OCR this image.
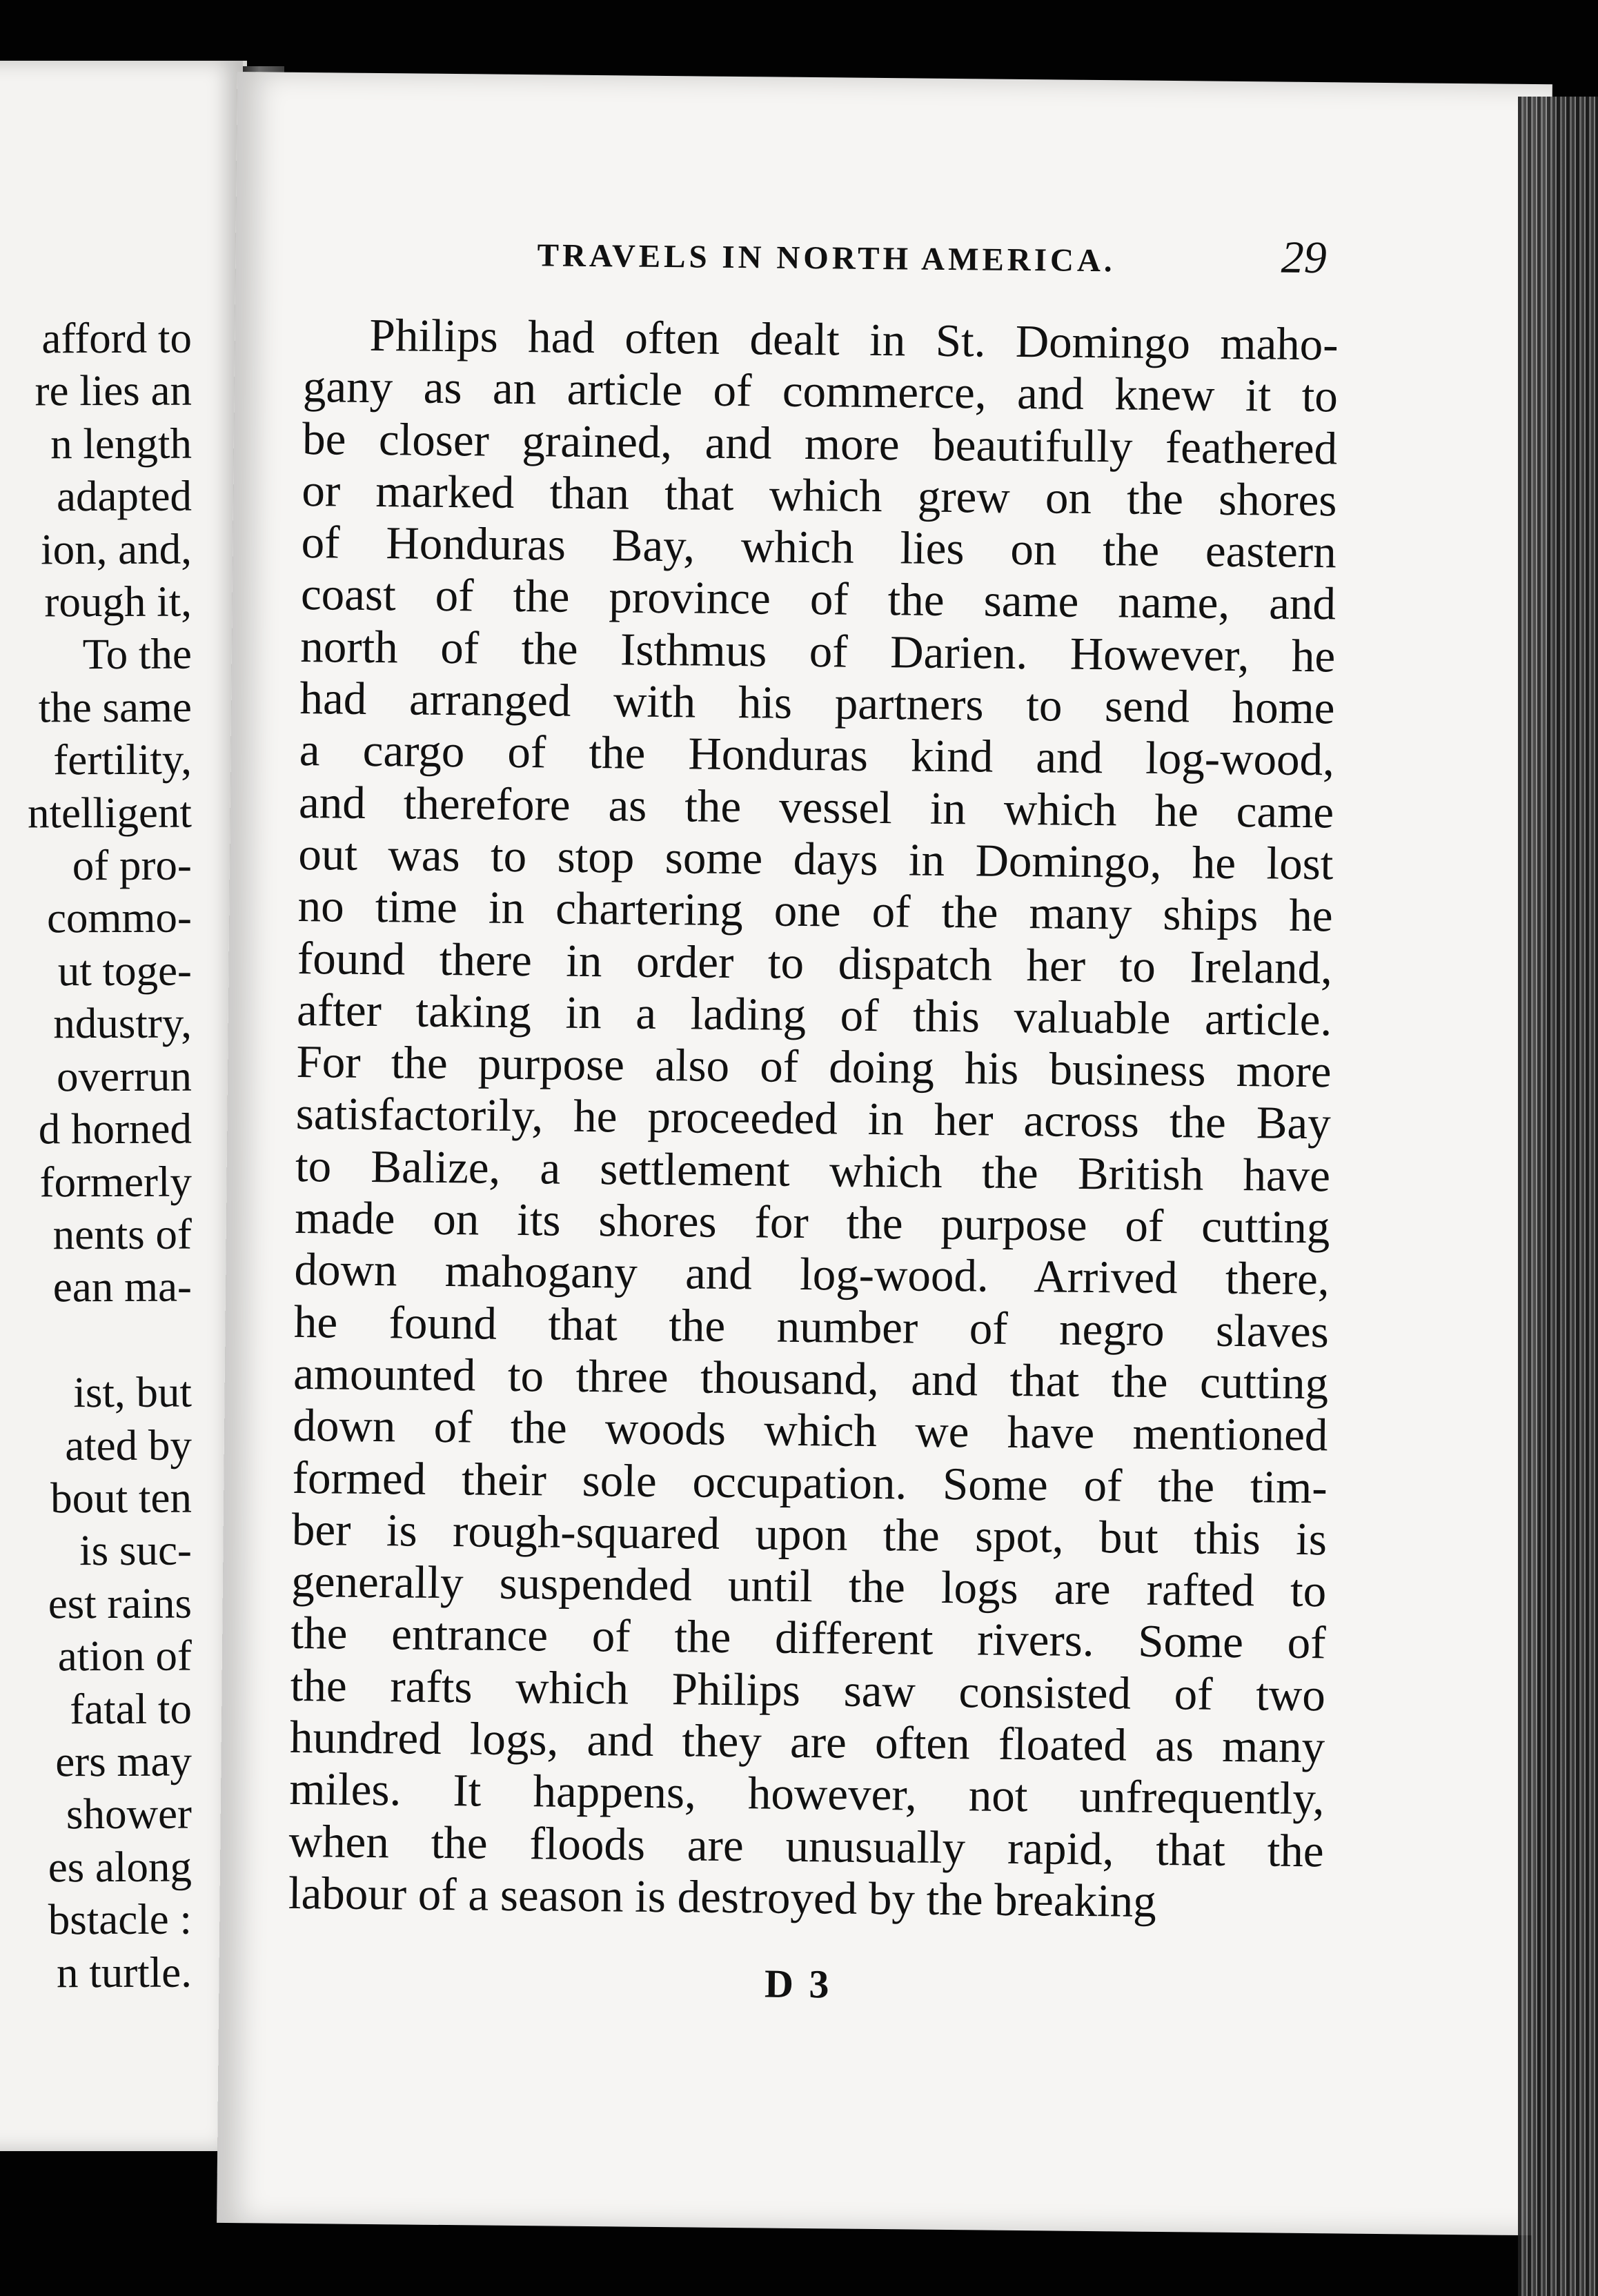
afford to
re lies an
n length
adapted
ion, and,
rough it,
To the
the same
fertility,
ntelligent
of pro-
commo-
ut toge-
ndustry,
overrun
d horned
formerly
nents of
ean ma-
ist, but
ated by
bout ten
is suc-
est rains
ation of
fatal to
ers may
shower
es along
bstacle :
n turtle.
TRAVELS IN NORTH AMERICA.	29
Philips had often dealt in St. Domingo maho-
gany as an article of commerce, and knew it to
be closer grained, and more beautifully feathered
or marked than that which grew on the shores
of Honduras Bay, which lies on the eastern
coast of the province of the same name, and
north of the Isthmus of Darien. However, he
had arranged with his partners to send home
a cargo of the Honduras kind and log-wood,
and therefore as the vessel in which he came
out was to stop some days in Domingo, he lost
no time in chartering one of the many ships he
found there in order to dispatch her to Ireland,
after taking in a lading of this valuable article.
For the purpose also of doing his business more
satisfactorily, he proceeded in her across the Bay
to Balize, a settlement which the British have
made on its shores for the purpose of cutting
down mahogany and log-wood. Arrived there,
he found that the number of negro slaves
amounted to three thousand, and that the cutting
down of the woods which we have mentioned
formed their sole occupation. Some of the tim-
ber is rough-squared upon the spot, but this is
generally suspended until the logs are rafted to
the entrance of the different rivers. Some of
the rafts which Philips saw consisted of two
hundred logs, and they are often floated as many
miles. It happens, however, not unfrequently,
when the floods are unusually rapid, that the
labour of a season is destroyed by the breaking
D 3
